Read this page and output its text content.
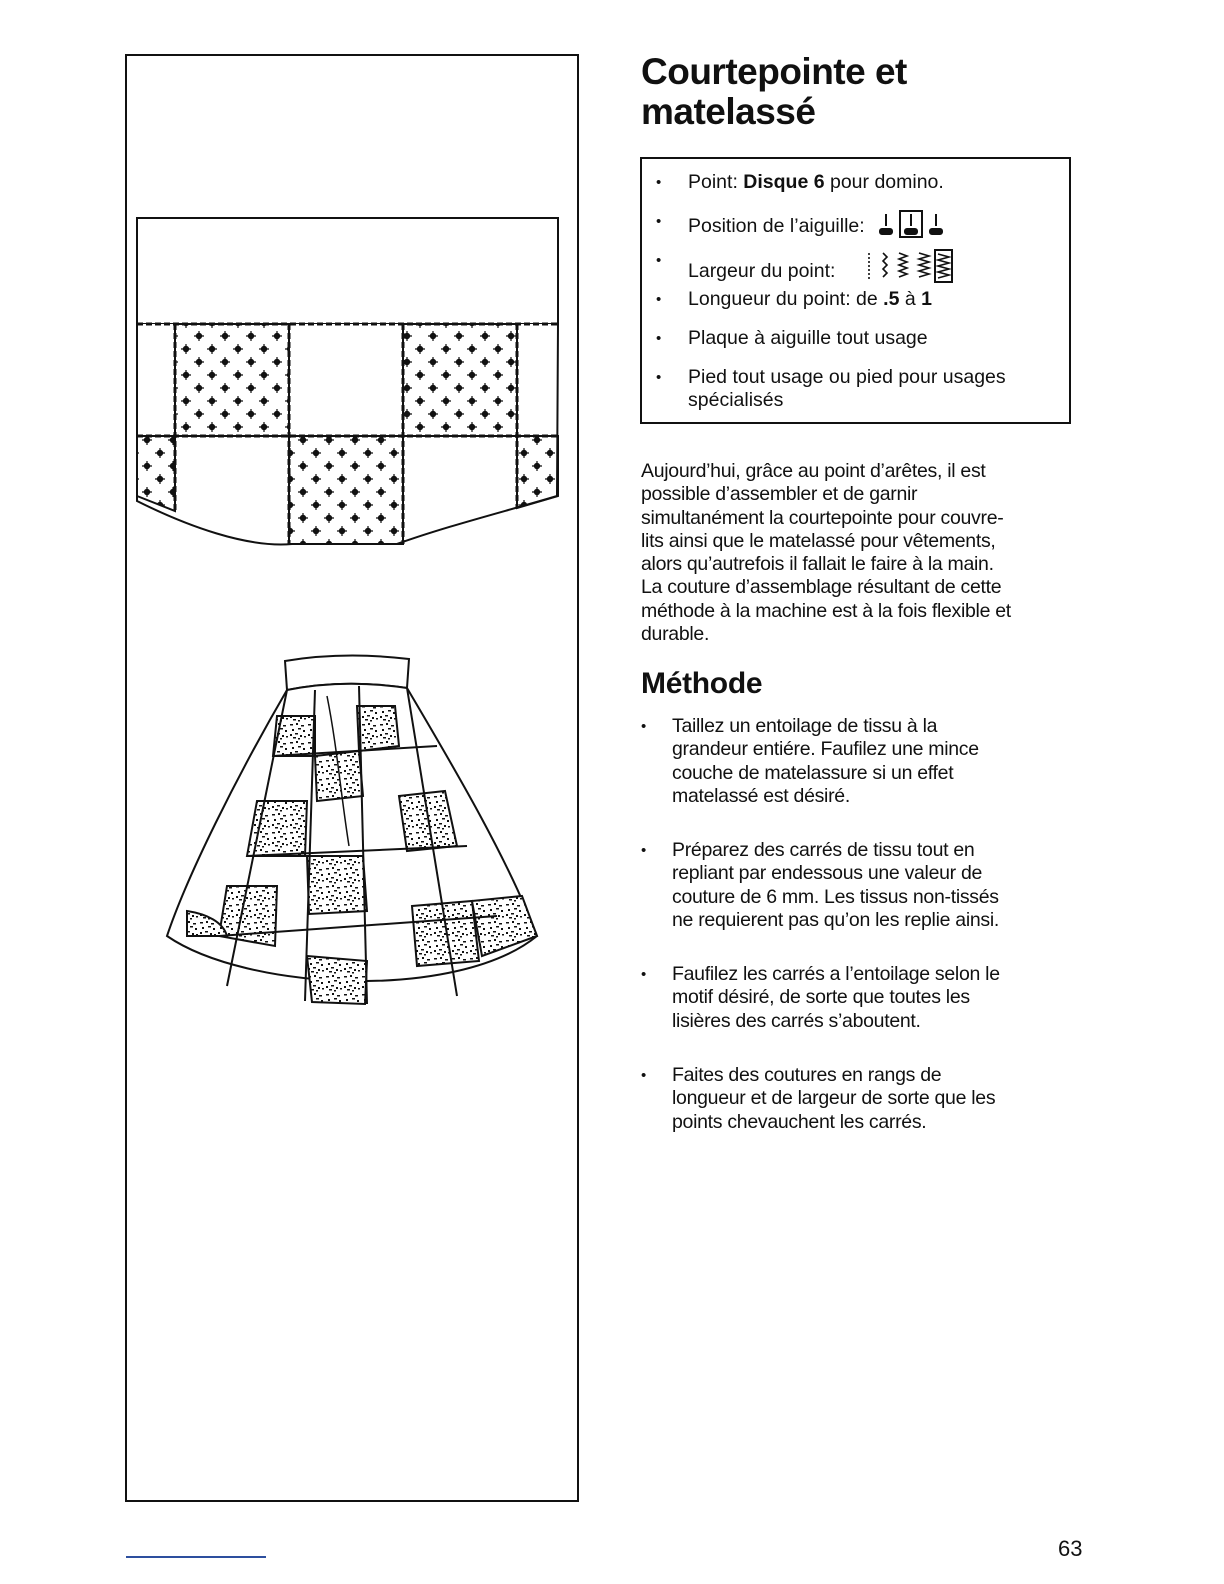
Courtepointe et
matelassé
•	Point: Disque 6 pour domino.
•	Position de l’aiguille:
•	Largeur du point:
•	Longueur du point: de .5 à 1
•	Plaque à aiguille tout usage
•	Pied tout usage ou pied pour usages
spécialisés

Aujourd’hui, grâce au point d’arêtes, il est
possible d’assembler et de garnir
simultanément la courtepointe pour couvre-
lits ainsi que le matelassé pour vêtements,
alors qu’autrefois il fallait le faire à la main.
La couture d’assemblage résultant de cette
méthode à la machine est à la fois flexible et
durable.

Méthode
• Taillez un entoilage de tissu à la
grandeur entiére. Faufilez une mince
couche de matelassure si un effet
matelassé est désiré.
• Préparez des carrés de tissu tout en
repliant par endessous une valeur de
couture de 6 mm. Les tissus non-tissés
ne requierent pas qu’on les replie ainsi.
• Faufilez les carrés a l’entoilage selon le
motif désiré, de sorte que toutes les
lisières des carrés s’aboutent.
• Faites des coutures en rangs de
longueur et de largeur de sorte que les
points chevauchent les carrés.
63
